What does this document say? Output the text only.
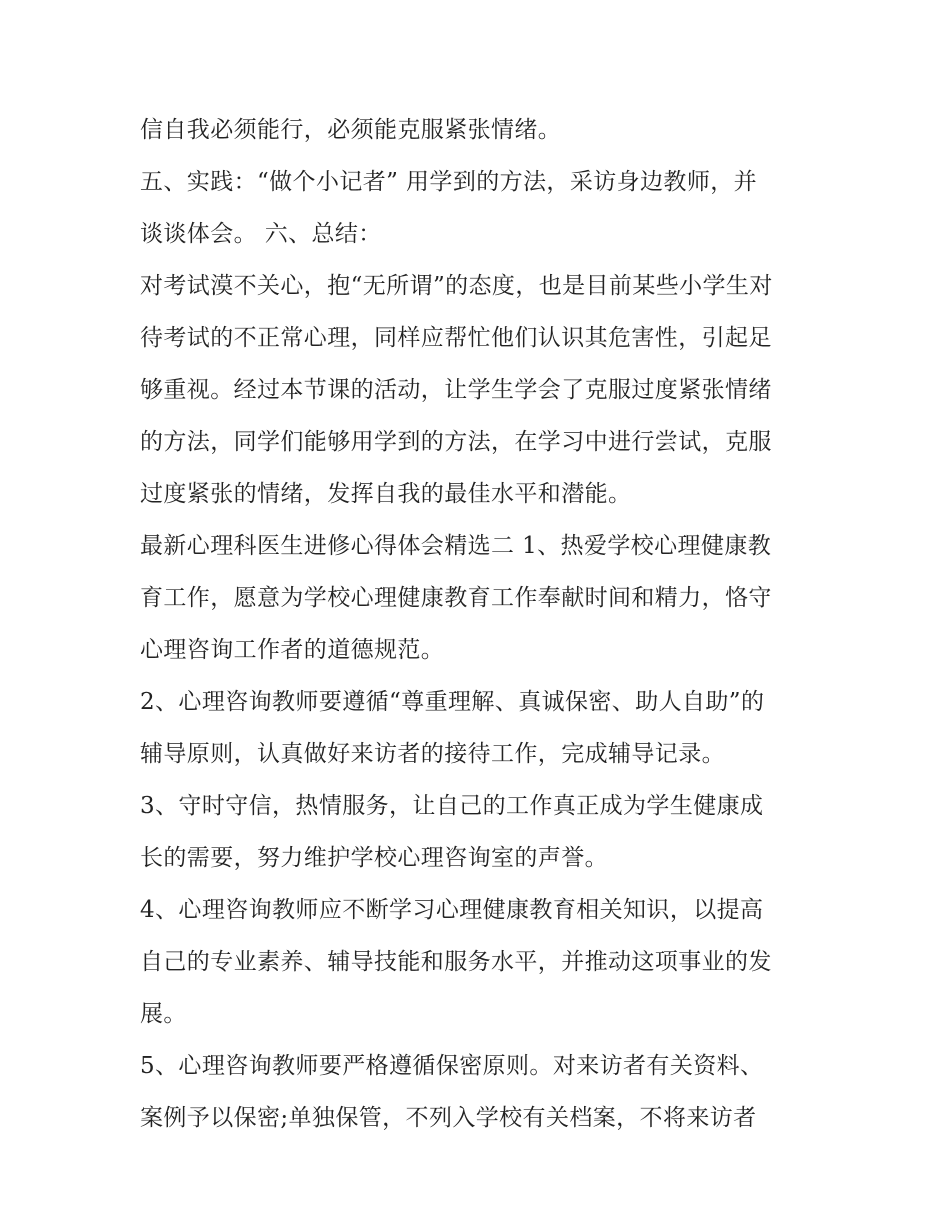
信自我必须能行，必须能克服紧张情绪。
五、实践：“做个小记者” 用学到的方法，采访身边教师，并
谈谈体会。 六、总结：
对考试漠不关心，抱“无所谓”的态度，也是目前某些小学生对
待考试的不正常心理，同样应帮忙他们认识其危害性，引起足
够重视。经过本节课的活动，让学生学会了克服过度紧张情绪
的方法，同学们能够用学到的方法，在学习中进行尝试，克服
过度紧张的情绪，发挥自我的最佳水平和潜能。
最新心理科医生进修心得体会精选二 1、热爱学校心理健康教
育工作，愿意为学校心理健康教育工作奉献时间和精力，恪守
心理咨询工作者的道德规范。
2、心理咨询教师要遵循“尊重理解、真诚保密、助人自助”的
辅导原则，认真做好来访者的接待工作，完成辅导记录。
3、守时守信，热情服务，让自己的工作真正成为学生健康成
长的需要，努力维护学校心理咨询室的声誉。
4、心理咨询教师应不断学习心理健康教育相关知识，以提高
自己的专业素养、辅导技能和服务水平，并推动这项事业的发
展。
5、心理咨询教师要严格遵循保密原则。对来访者有关资料、
案例予以保密;单独保管，不列入学校有关档案，不将来访者
